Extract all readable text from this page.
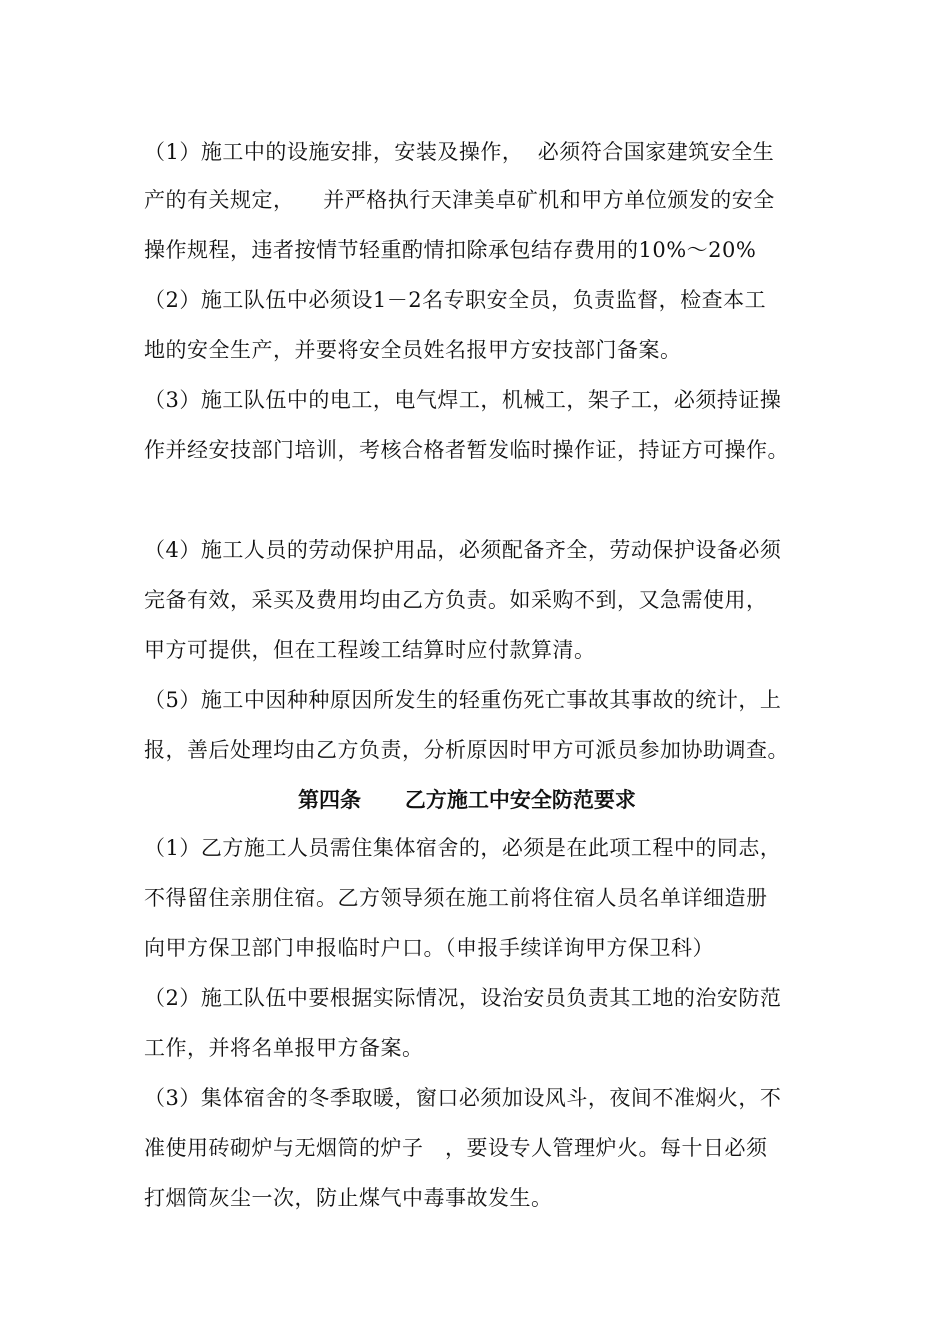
（1）施工中的设施安排，安装及操作，  必须符合国家建筑安全生
产的有关规定，    并严格执行天津美卓矿机和甲方单位颁发的安全
操作规程，违者按情节轻重酌情扣除承包结存费用的10%～20%
（2）施工队伍中必须设1－2名专职安全员，负责监督，检查本工
地的安全生产，并要将安全员姓名报甲方安技部门备案。
（3）施工队伍中的电工，电气焊工，机械工，架子工，必须持证操
作并经安技部门培训，考核合格者暂发临时操作证，持证方可操作。
（4）施工人员的劳动保护用品，必须配备齐全，劳动保护设备必须
完备有效，采买及费用均由乙方负责。如采购不到，又急需使用，
甲方可提供，但在工程竣工结算时应付款算清。
（5）施工中因种种原因所发生的轻重伤死亡事故其事故的统计，上
报，善后处理均由乙方负责，分析原因时甲方可派员参加协助调查。
第四条      乙方施工中安全防范要求
（1）乙方施工人员需住集体宿舍的，必须是在此项工程中的同志，
不得留住亲朋住宿。乙方领导须在施工前将住宿人员名单详细造册
向甲方保卫部门申报临时户口。（申报手续详询甲方保卫科）
（2）施工队伍中要根据实际情况，设治安员负责其工地的治安防范
工作，并将名单报甲方备案。
（3）集体宿舍的冬季取暖，窗口必须加设风斗，夜间不准焖火，不
准使用砖砌炉与无烟筒的炉子   ，要设专人管理炉火。每十日必须
打烟筒灰尘一次，防止煤气中毒事故发生。
